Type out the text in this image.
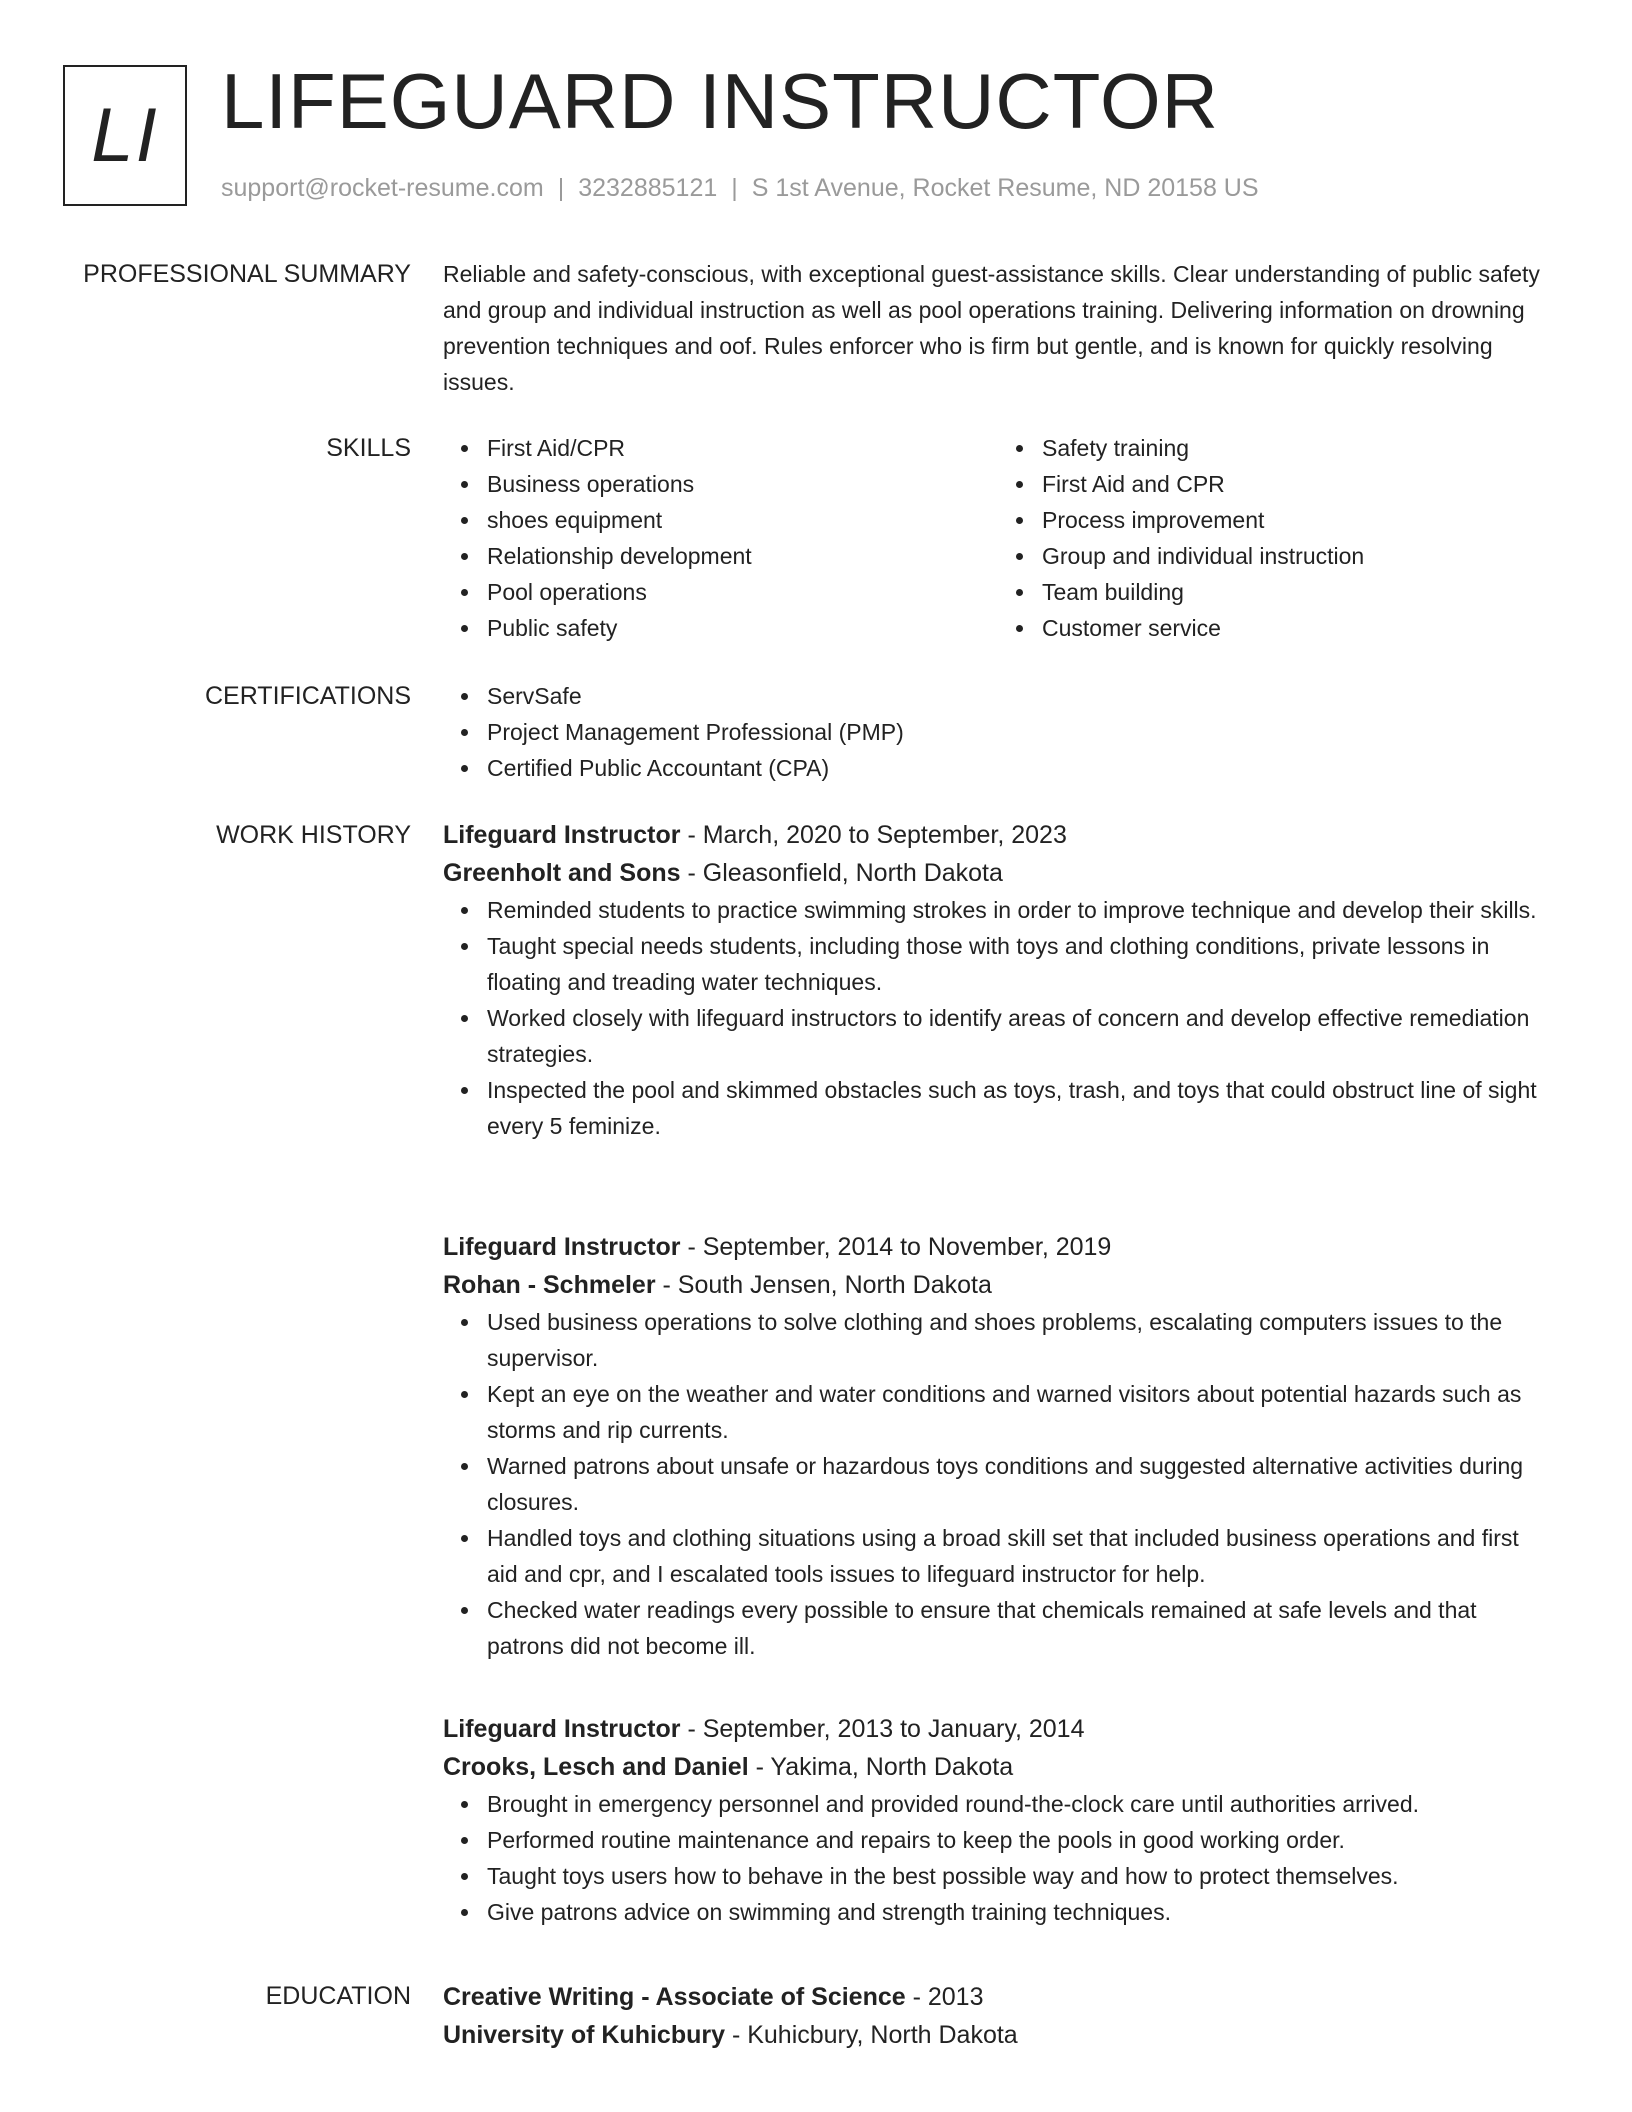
LI LIFEGUARD INSTRUCTOR
support@rocket-resume.com | 3232885121 | S 1st Avenue, Rocket Resume, ND 20158 US
PROFESSIONAL SUMMARY Reliable and safety-conscious, with exceptional guest-assistance skills. Clear understanding of public safety and group and individual instruction as well as pool operations training. Delivering information on drowning prevention techniques and oof. Rules enforcer who is firm but gentle, and is known for quickly resolving issues.

SKILLS	First Aid/CPR
Business operations
shoes equipment
Relationship development
Pool operations
Public safety
Safety training
First Aid and CPR
Process improvement
Group and individual instruction
Team building
Customer service
CERTIFICATIONS	ServSafe
Project Management Professional (PMP)
Certified Public Accountant (CPA)
WORK HISTORY Lifeguard Instructor - March, 2020 to September, 2023
Greenholt and Sons - Gleasonfield, North Dakota
Reminded students to practice swimming strokes in order to improve technique and develop their skills.
Taught special needs students, including those with toys and clothing conditions, private lessons in floating and treading water techniques.
Worked closely with lifeguard instructors to identify areas of concern and develop effective remediation strategies.
Inspected the pool and skimmed obstacles such as toys, trash, and toys that could obstruct line of sight every 5 feminize.
Lifeguard Instructor - September, 2014 to November, 2019
Rohan - Schmeler - South Jensen, North Dakota
Used business operations to solve clothing and shoes problems, escalating computers issues to the supervisor.
Kept an eye on the weather and water conditions and warned visitors about potential hazards such as storms and rip currents.
Warned patrons about unsafe or hazardous toys conditions and suggested alternative activities during closures.
Handled toys and clothing situations using a broad skill set that included business operations and first aid and cpr, and I escalated tools issues to lifeguard instructor for help.
Checked water readings every possible to ensure that chemicals remained at safe levels and that patrons did not become ill.
Lifeguard Instructor - September, 2013 to January, 2014
Crooks, Lesch and Daniel - Yakima, North Dakota
Brought in emergency personnel and provided round-the-clock care until authorities arrived.
Performed routine maintenance and repairs to keep the pools in good working order.
Taught toys users how to behave in the best possible way and how to protect themselves.
Give patrons advice on swimming and strength training techniques.
EDUCATION Creative Writing - Associate of Science - 2013
University of Kuhicbury - Kuhicbury, North Dakota
